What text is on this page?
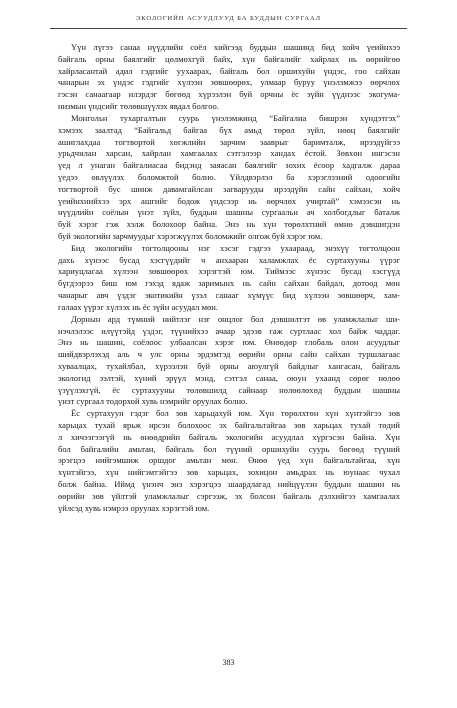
ЭКОЛОГИЙН АСУУДЛУУД БА БУДДЫН СУРГААЛ

Үүн лүгээ санаа нүүдлийн соёл хийгээд буддын шашинд бид хойч үеийнхээ
байгаль орны баялгийг цөлмөхгүй байх, хүн байгалийг хайрлах нь өөрийгөө
хайрласантай адил гэдгийг уухаарах, байгаль бол оршихуйн үндэс, гоо сайхан
чанарын эх үндэс гэдгийг хүлээн зөвшөөрөх, улмаар буруу үнэлэмжээ өөрчлөх
гэсэн санаагаар илэрдэг бөгөөд хүрээлэн буй орчны ёс зүйн үүднээс экогума-
низмын үндсийг төлөвшүүлэх явдал болгоо.

Монгольн тухаргалтын суурь үнэлэмжинд “Байгалиа бишрэн хүндэтгэх”
хэмээх заалтад “Байгальд байгаа бүх амьд төрөл зүйл, нөөц баялгийг
ашиглахдаа тогтвортой хөгжлийн зарчим зааврыг баримталж, ирээдүйгээ
урьдчилан харсан, хайрлан хамгаалах сэтгэлээр хандах ёстой. Зөвхөн ингэсэн
үед л унаган байгалиасаа бидэнд заяасан баялгийг зохих ёсоор хадгалж дараа
үедээ өвлүүлэх боломжтой болно. Үйлдвэрлэл ба хэрэглээний одоогийн
тогтвортой бус шинж давамгайлсан загварууды ирээдүйн сайн сайхан, хойч
үеийнхнийхээ эрх ашгийг бодож үндсээр нь өөрчлөх учиртай” хэмээсэн нь
нүүдлийн соёлын үнэт зүйл, буддын шашны сургаальн ач холбогдлыг баталж
буй хэрэг гэж хэлж болохоор байна. Энэ нь хүн төрөлхтний өмнө дэвшигдэн
буй экологийн зарчмуудыг хэрэгжүүлэх боломжийг олгож буй хэрэг юм.

Бид экологийн тогтолцооны нэг хэсэг гэдгээ ухаараад, энэхүү тогтолцоон
дахь хүнээс бусад хэсгүүдийг ч анхааран халамжлах ёс суртахууны үүрэг
хариуцлагаа хүлээн зөвшөөрөх хэрэгтэй юм. Тиймээс хүнээс бусад хэсгүүд
бүгдээрээ биш юм гэхэд ядаж заримынх нь сайн сайхан байдал, дотоод мөн
чанарыг авч үздэг экотикийн үзэл санааг хүмүүс бид хүлээн зөвшөөрч, хам-
галаах үүрэг хүлээх нь ёс зүйн асуудал мөн.

Дорнын ард түмний нийтлэг нэг онцлог бол дэвшилтэт өв уламжлалыг ши-
нэчлэлээс илүүтэйд үздэг, түүнийхээ ачаар эдээв гаж суртлаас хол байж чаддаг.
Энэ нь шашин, соёлоос улбаалсан хэрэг юм. Өнөөдөр глобаль олон асуудлыг
шийдвэрлэхэд аль ч улс орны эрдэмтэд өөрийн орны сайн сайхан туршлагаас
хуваалцах, тухайлбал, хүрээлэн буй орны аюулгүй байдлыг хангасан, байгаль
экологид ээлтэй, хүний эрүүл мэнд, сэтгэл санаа, оюун ухаанд сөрөг нөлөө
үзүүлэхгүй, ёс суртахууны төлөвшилд сайнаар нөлөөлөхөд буддын шашны
үнэт сургаал тодорхой хувь нэмрийг оруулах болно.

Ёс суртахуун гэдэг бол зөв харьцахуй юм. Хүн төрөлхтөн хүн хүнтэйгээ зөв
харьцах тухай ярьж ирсэн болохоос эх байгальтайгаа зөв харьцах тухай төдий
л хичээгээгүй нь өнөөдрийн байгаль экологийн асуудлал хүргэсэн байна. Хүн
бол байгалийн амьтан, байгаль бол түүний оршихуйн суурь бөгөөд түүний
эрэгцээ нийгэмшиж оршдог амьтан мөн. Өнөө үед хүн байгальтайгаа, хүн
хүнтэйгээ, хүн нийгэмтэйгээ зөв харьцах, зохицон амьдрах нь юунаас чухал
болж байна. Иймд үнэнч энэ хэрэгцээ шаардлагад нийцүүлэн буддын шашин нь
өөрийн зөв үйлтэй уламжлалыг сэргээж, эх болсон байгаль дэлхийгээ хамгаалах
үйлсэд хувь нэмрээ оруулах хэрэгтэй юм.

383
